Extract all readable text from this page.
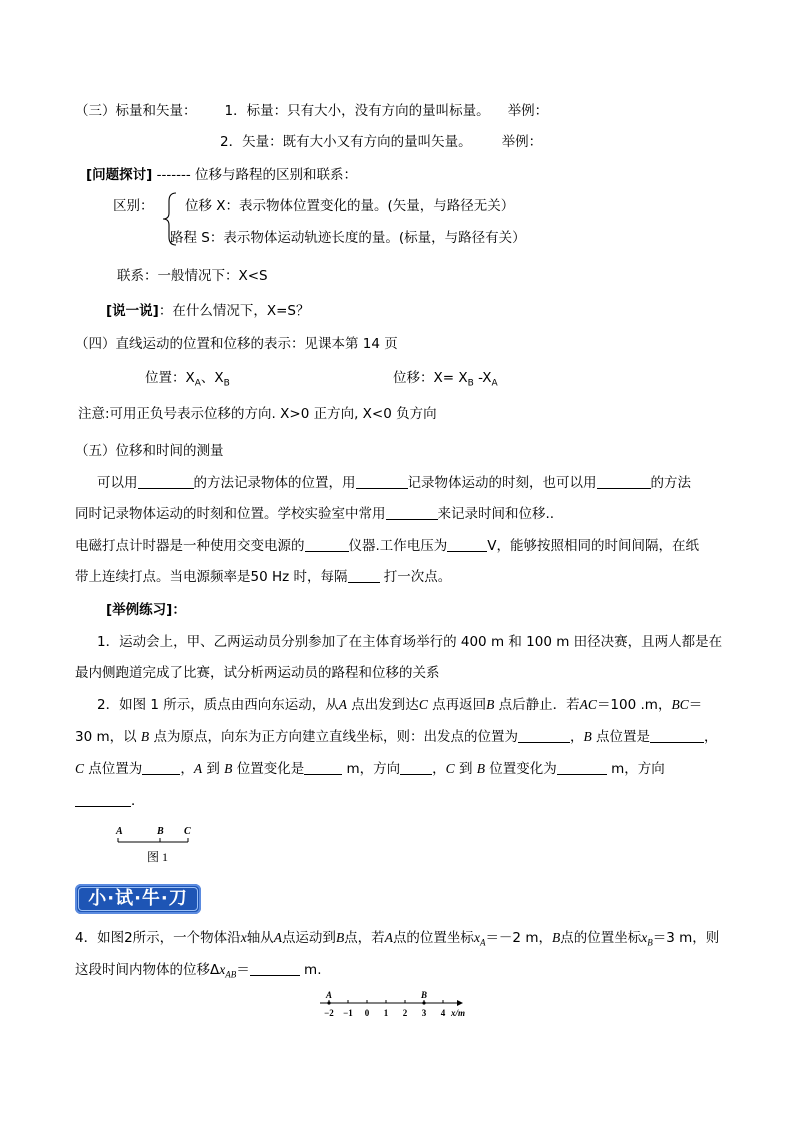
（三）标量和矢量： 1．标量：只有大小，没有方向的量叫标量。 举例：
2．矢量：既有大小又有方向的量叫矢量。 举例：
[问题探讨] ------- 位移与路程的区别和联系：
区别： 位移 X：表示物体位置变化的量。(矢量，与路径无关）
路程 S：表示物体运动轨迹长度的量。(标量，与路径有关）
联系：一般情况下：X<S
[说一说]：在什么情况下，X=S？
（四）直线运动的位置和位移的表示：见课本第 14 页
位置：$X_A$、$X_B$	位移：$X= X_B$ $-X_A$
注意:可用正负号表示位移的方向. X>0 正方向, X<0 负方向
（五）位移和时间的测量
可以用	的方法记录物体的位置，用	记录物体运动的时刻，也可以用	的方法
同时记录物体运动的时刻和位置。学校实验室中常用	来记录时间和位移..
电磁打点计时器是一种使用交变电源的	仪器.工作电压为	V，能够按照相同的时间间隔，在纸
带上连续打点。当电源频率是50 Hz 时，每隔 打一次点。
[举例练习]：
1．运动会上，甲、乙两运动员分别参加了在主体育场举行的 400 m 和 100 m 田径决赛，且两人都是在
最内侧跑道完成了比赛，试分析两运动员的路程和位移的关系
2．如图 1 所示，质点由西向东运动，从A 点出发到达C 点再返回B 点后静止．若AC＝100 .m，BC＝
30 m，以 B 点为原点，向东为正方向建立直线坐标，则：出发点的位置为	，B 点位置是	，
C 点位置为	，A 到 B 位置变化是	m，方向 ，C 到 B 位置变化为	m，方向
．
A	B C
图 1
小·试·牛·刀
4．如图2所示，一个物体沿x轴从A点运动到B点，若A点的位置坐标$x_A=-2$ m，B点的位置坐标$x_B=3$ m，则
这段时间内物体的位移$\Delta x_{AB}=$	m.
A	B
−2 −1 0 1 2 3 4 x/m
